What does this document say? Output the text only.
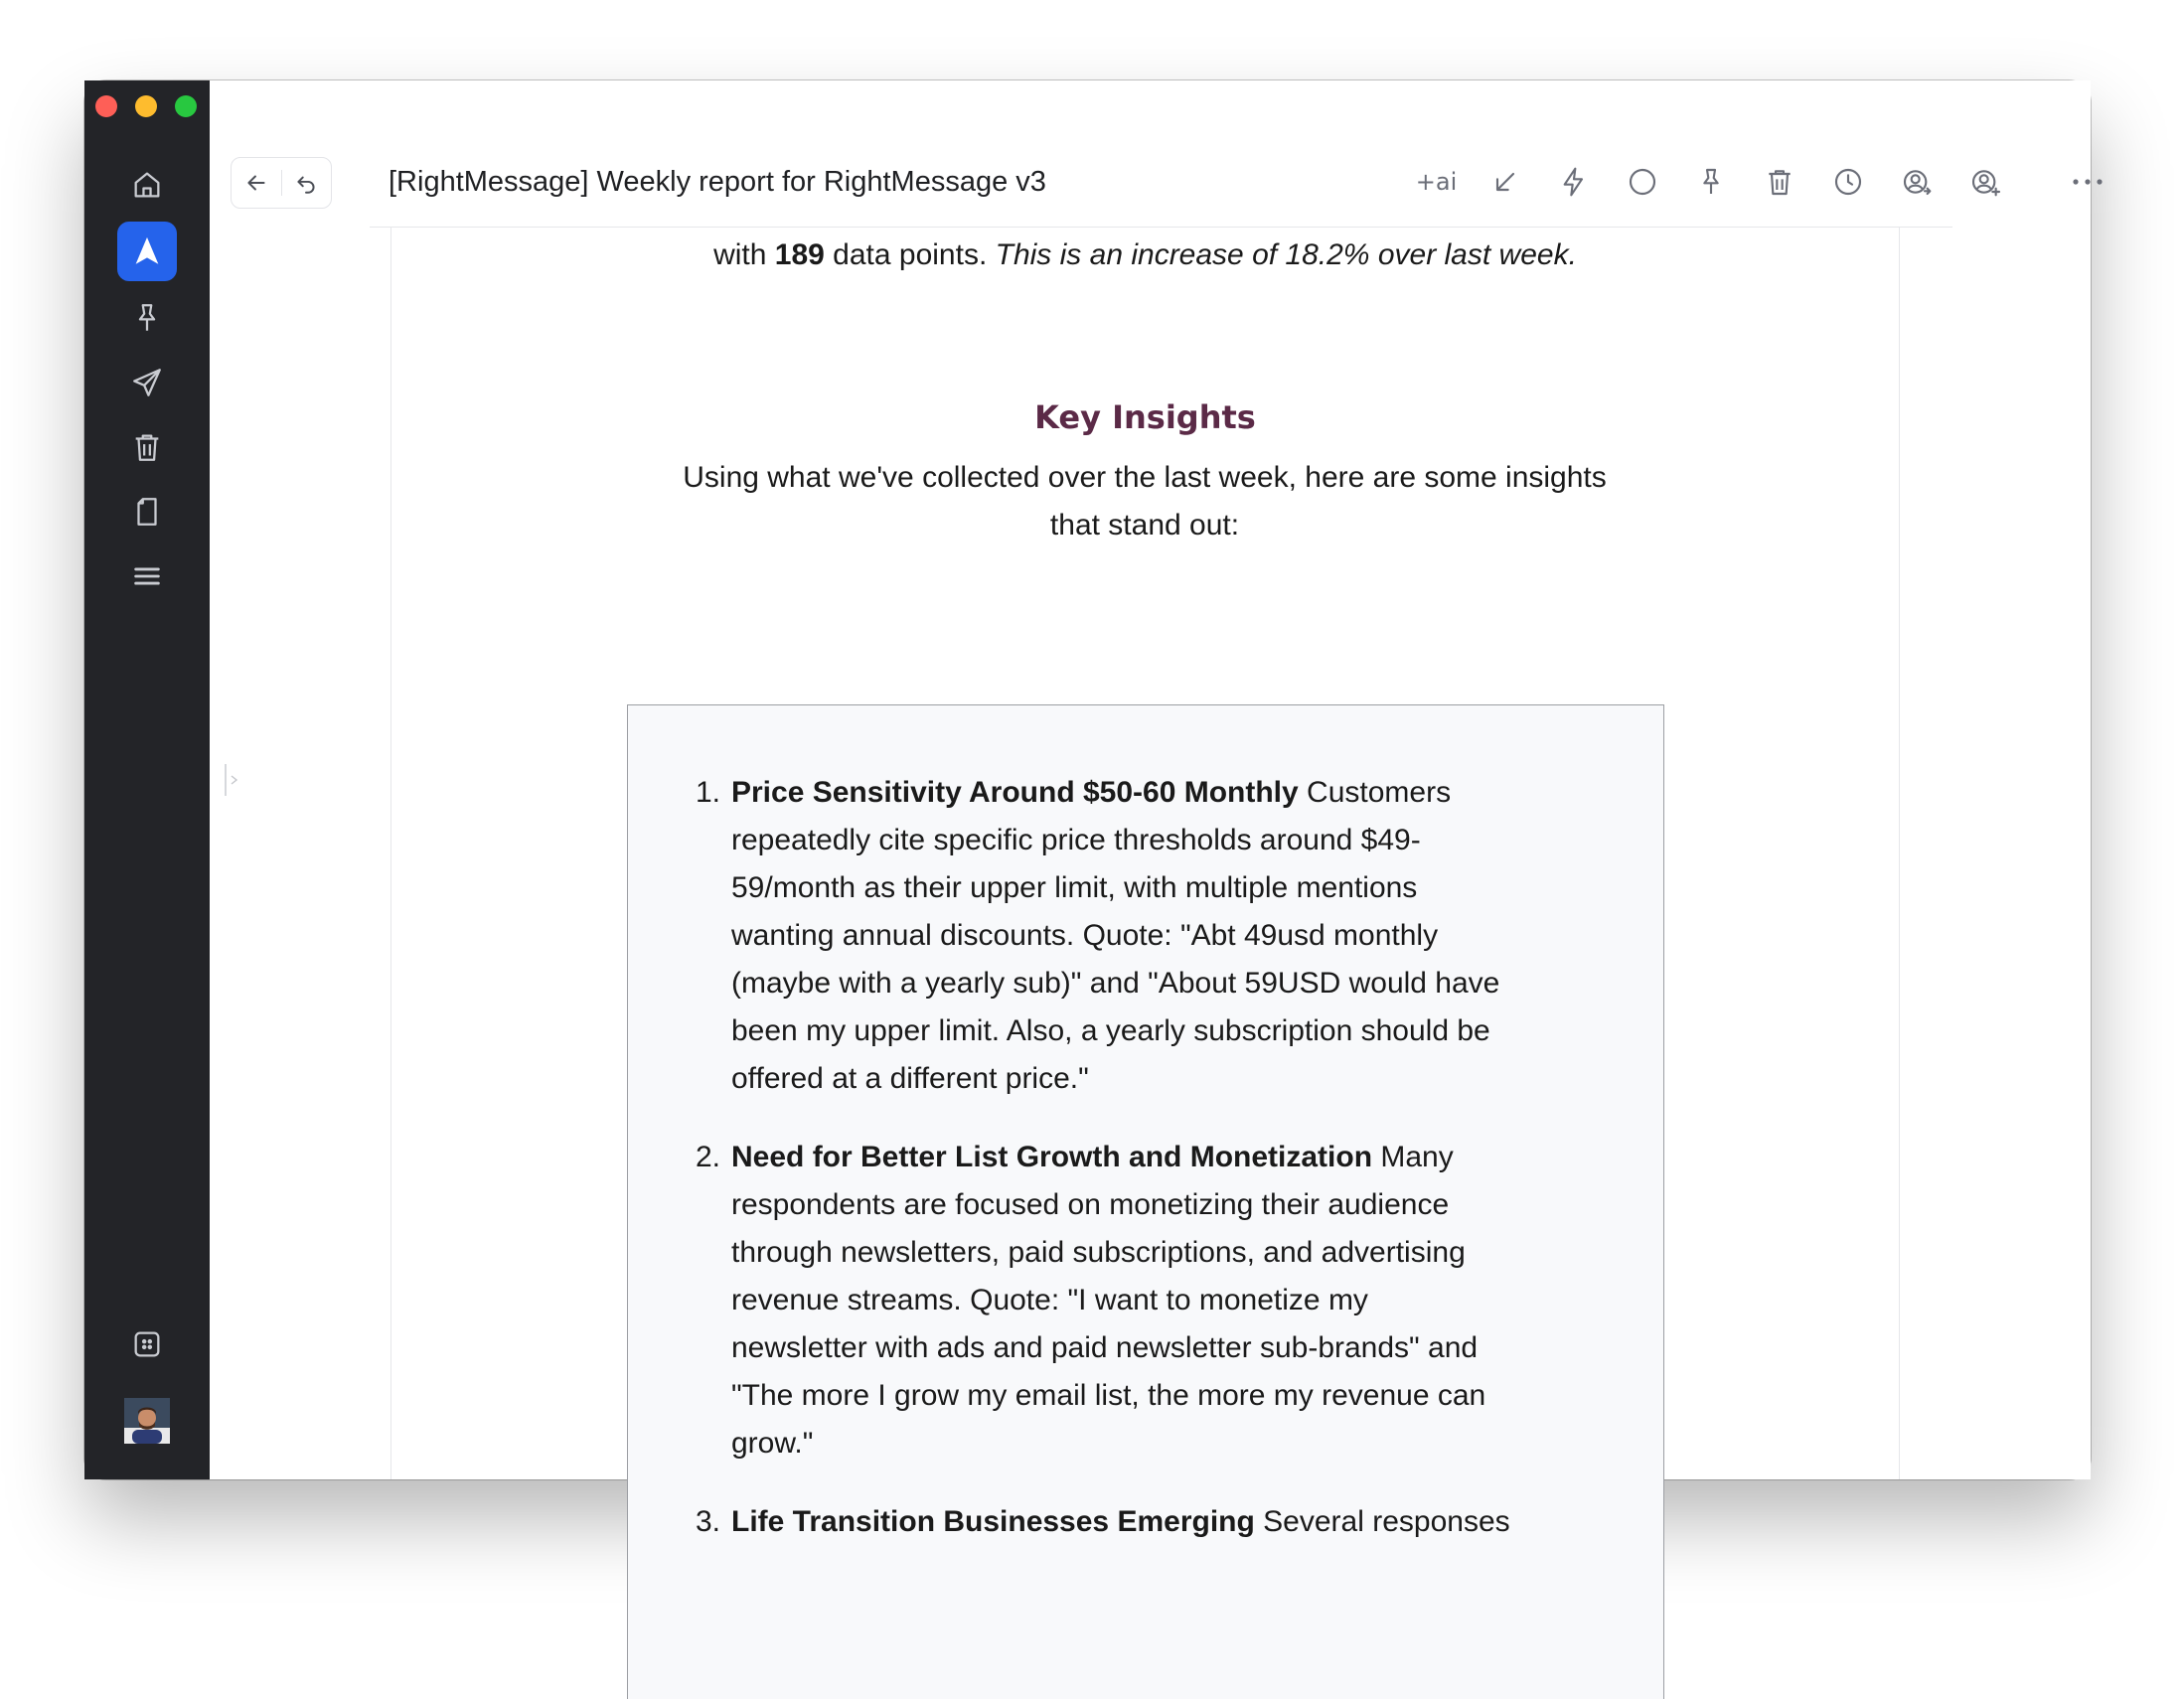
[RightMessage] Weekly report for RightMessage v3	+ai
with 189 data points. This is an increase of 18.2% over last week.
Key Insights
Using what we've collected over the last week, here are some insights
that stand out:
1. Price Sensitivity Around $50-60 Monthly Customers
repeatedly cite specific price thresholds around $49-
59/month as their upper limit, with multiple mentions
wanting annual discounts. Quote: "Abt 49usd monthly
(maybe with a yearly sub)" and "About 59USD would have
been my upper limit. Also, a yearly subscription should be
offered at a different price."
2. Need for Better List Growth and Monetization Many
respondents are focused on monetizing their audience
through newsletters, paid subscriptions, and advertising
revenue streams. Quote: "I want to monetize my
newsletter with ads and paid newsletter sub-brands" and
"The more I grow my email list, the more my revenue can
grow."
3. Life Transition Businesses Emerging Several responses
